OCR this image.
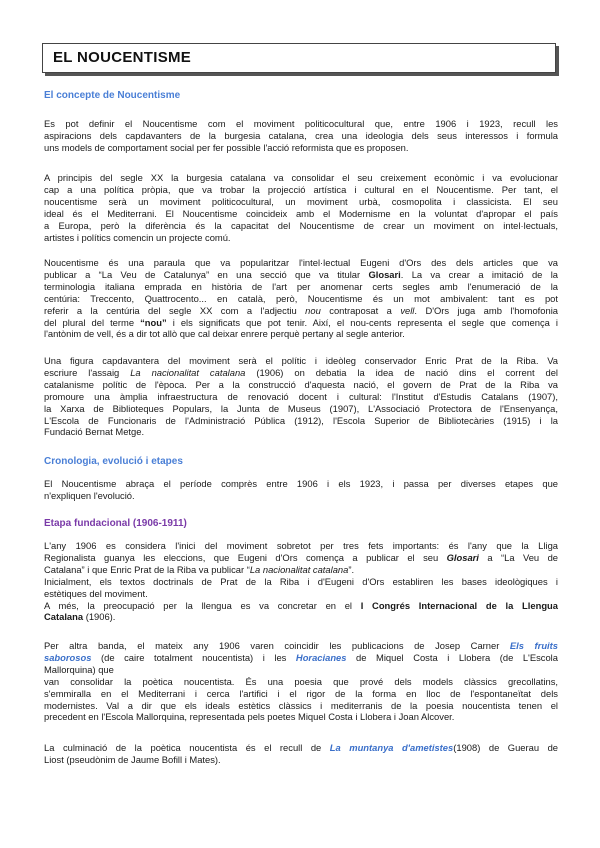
EL NOUCENTISME
El concepte de Noucentisme
Es pot definir el Noucentisme com el moviment politicocultural que, entre 1906 i 1923, recull les
aspiracions dels capdavanters de la burgesia catalana, crea una ideologia dels seus interessos i formula
uns models de comportament social per fer possible l'acció reformista que es proposen.
A principis del segle XX la burgesia catalana va consolidar el seu creixement econòmic i va evolucionar
cap a una política pròpia, que va trobar la projecció artística i cultural en el Noucentisme. Per tant, el
noucentisme serà un moviment politicocultural, un moviment urbà, cosmopolita i classicista. El seu
ideal és el Mediterrani. El Noucentisme coincideix amb el Modernisme en la voluntat d'apropar el país
a Europa, però la diferència és la capacitat del Noucentisme de crear un moviment on intel·lectuals,
artistes i polítics comencin un projecte comú.
Noucentisme és una paraula que va popularitzar l'intel·lectual Eugeni d'Ors des dels articles que va
publicar a “La Veu de Catalunya” en una secció que va titular Glosari. La va crear a imitació de la
terminologia italiana emprada en història de l'art per anomenar certs segles amb l'enumeració de la
centúria: Treccento, Quattrocento... en català, però, Noucentisme és un mot ambivalent: tant es pot
referir a la centúria del segle XX com a l'adjectiu nou contraposat a vell. D'Ors juga amb l'homofonia
del plural del terme “nou” i els significats que pot tenir. Així, el nou-cents representa el segle que comença i
l'antònim de vell, és a dir tot allò que cal deixar enrere perquè pertany al segle anterior.
Una figura capdavantera del moviment serà el polític i ideòleg conservador Enric Prat de la Riba. Va
escriure l'assaig La nacionalitat catalana (1906) on debatia la idea de nació dins el corrent del
catalanisme polític de l'època. Per a la construcció d'aquesta nació, el govern de Prat de la Riba va
promoure una àmplia infraestructura de renovació docent i cultural: l'Institut d'Estudis Catalans (1907),
la Xarxa de Biblioteques Populars, la Junta de Museus (1907), L'Associació Protectora de l'Ensenyança,
L'Escola de Funcionaris de l'Administració Pública (1912), l'Escola Superior de Bibliotecàries (1915) i la
Fundació Bernat Metge.
Cronologia, evolució i etapes
El Noucentisme abraça el període comprès entre 1906 i els 1923, i passa per diverses etapes que
n'expliquen l'evolució.
Etapa fundacional (1906-1911)
L'any 1906 es considera l'inici del moviment sobretot per tres fets importants: és l'any que la Lliga
Regionalista guanya les eleccions, que Eugeni d'Ors comença a publicar el seu Glosari a “La Veu de
Catalana” i que Enric Prat de la Riba va publicar “La nacionalitat catalana”.
Inicialment, els textos doctrinals de Prat de la Riba i d'Eugeni d'Ors establiren les bases ideològiques i
estètiques del moviment.
A més, la preocupació per la llengua es va concretar en el I Congrés Internacional de la Llengua
Catalana (1906).
Per altra banda, el mateix any 1906 varen coincidir les publicacions de Josep Carner Els fruits
saborosos (de caire totalment noucentista) i les Horacianes de Miquel Costa i Llobera (de L'Escola
Mallorquina) que
van consolidar la poètica noucentista. És una poesia que prové dels models clàssics grecollatins,
s'emmiralla en el Mediterrani i cerca l'artifici i el rigor de la forma en lloc de l'espontaneïtat dels
modernistes. Val a dir que els ideals estètics clàssics i mediterranis de la poesia noucentista tenen el
precedent en l'Escola Mallorquina, representada pels poetes Miquel Costa i Llobera i Joan Alcover.
La culminació de la poètica noucentista és el recull de La muntanya d'ametistes(1908) de Guerau de
Liost (pseudònim de Jaume Bofill i Mates).
